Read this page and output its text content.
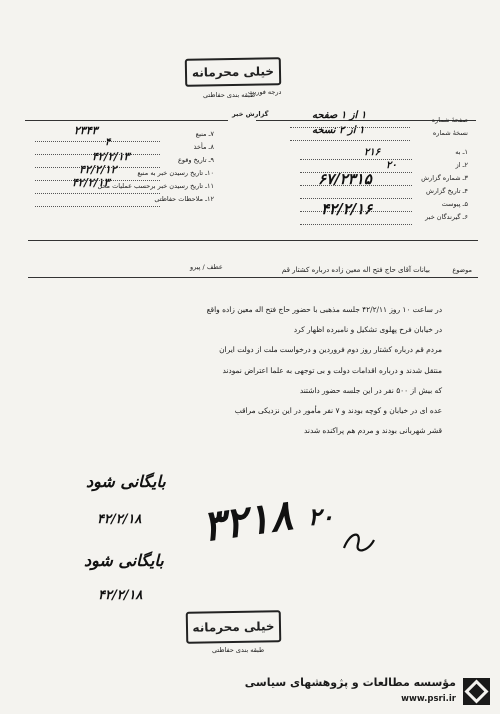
خیلی محرمانه
درجه فوریت
طبقه بندی حفاظتی
گزارش خبر
۷ـ منبع
۸ـ مأخذ
۹ـ تاریخ وقوع
۱۰ـ تاریخ رسیدن خبر به منبع
۱۱ـ تاریخ رسیدن خبر برحسب عملیات محل
۱۲ـ ملاحظات حفاظتی
۲۳۴۳
۴
۴۲/۲/۱۳
۴۲/۲/۱۲
۴۲/۲/۱۳
صفحهٔ شماره
نسخهٔ شماره
۱ـ به
۲ـ از
۳ـ شماره گزارش
۴ـ تاریخ گزارش
۵ـ پیوست
۶ـ گیرندگان خبر
۱ از ۱ صفحه
۱ از ۲ نسخه
۲۱۶
۲۰
۶۷/۲۳۱۵
۴۲/۲/۱۶
عطف / پیرو	موضوع
بیانات آقای حاج فتح اله معین زاده درباره کشتار قم
در ساعت ۱۰ روز ۴۲/۲/۱۱ جلسه مذهبی با حضور حاج فتح اله معین زاده واقع
در خیابان فرح پهلوی تشکیل و نامبرده اظهار کرد
مردم قم درباره کشتار روز دوم فروردین و درخواست ملت از دولت ایران
منتقل شدند و درباره اقدامات دولت و بی توجهی به علما اعتراض نمودند
که بیش از ۵۰۰ نفر در این جلسه حضور داشتند
عده ای در خیابان و کوچه بودند و ۷ نفر مأمور در این نزدیکی مراقب
قشر شهربانی بودند و مردم هم پراکنده شدند
بایگانی شود
۴۲/۲/۱۸ ۳۲۱۸ ۲۰
بایگانی شود
۴۲/۲/۱۸
خیلی محرمانه
طبقه بندی حفاظتی
مؤسسه مطالعات و پژوهشهای سیاسی
www.psri.ir
